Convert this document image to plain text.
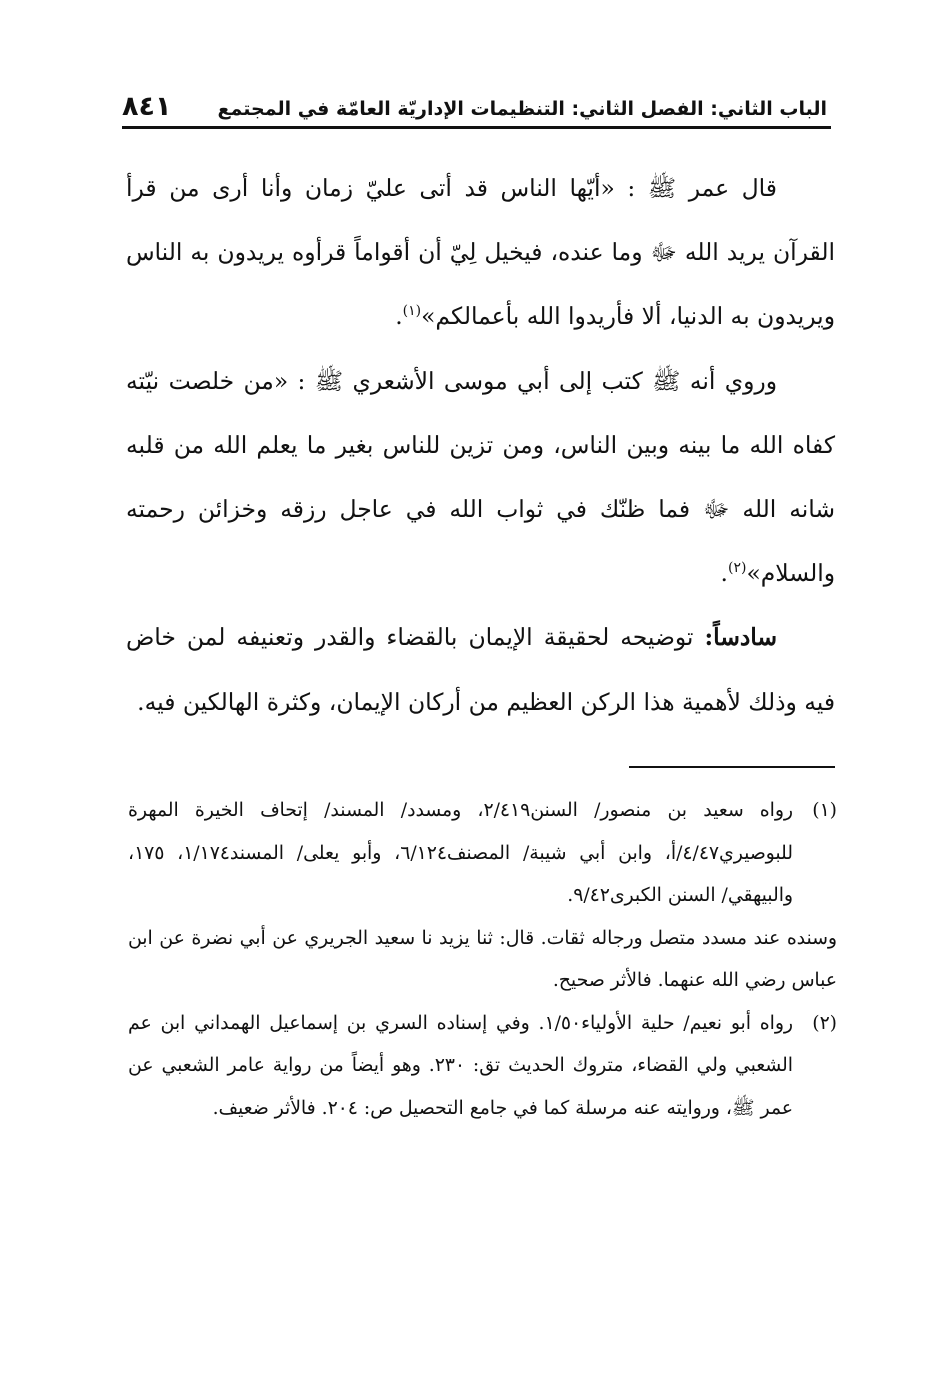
الباب الثاني: الفصل الثاني: التنظيمات الإداريّة العامّة في المجتمع
٨٤١

قال عمر ﷺ : «أيّها الناس قد أتى عليّ زمان وأنا أرى من قرأ القرآن يريد الله ﷻ وما عنده، فيخيل لِيّ أن أقواماً قرأوه يريدون به الناس ويريدون به الدنيا، ألا فأريدوا الله بأعمالكم»$^{(١)}$.

وروي أنه ﷺ كتب إلى أبي موسى الأشعري ﷺ : «من خلصت نيّته كفاه الله ما بينه وبين الناس، ومن تزين للناس بغير ما يعلم الله من قلبه شانه الله ﷻ فما ظنّك في ثواب الله في عاجل رزقه وخزائن رحمته والسلام»$^{(٢)}$.

سادساً: توضيحه لحقيقة الإيمان بالقضاء والقدر وتعنيفه لمن خاض فيه وذلك لأهمية هذا الركن العظيم من أركان الإيمان، وكثرة الهالكين فيه.

(١)رواه سعيد بن منصور/ السنن٢/٤١٩، ومسدد/ المسند/ إتحاف الخيرة المهرة للبوصيري٤/٤٧/أ، وابن أبي شيبة/ المصنف٦/١٢٤، وأبو يعلى/ المسند١/١٧٤، ١٧٥، والبيهقي/ السنن الكبرى٩/٤٢.

وسنده عند مسدد متصل ورجاله ثقات. قال: ثنا يزيد نا سعيد الجريري عن أبي نضرة عن ابن عباس رضي الله عنهما. فالأثر صحيح.

(٢)رواه أبو نعيم/ حلية الأولياء١/٥٠. وفي إسناده السري بن إسماعيل الهمداني ابن عم الشعبي ولي القضاء، متروك الحديث تق: ٢٣٠. وهو أيضاً من رواية عامر الشعبي عن عمر ﷺ، وروايته عنه مرسلة كما في جامع التحصيل ص: ٢٠٤. فالأثر ضعيف.
